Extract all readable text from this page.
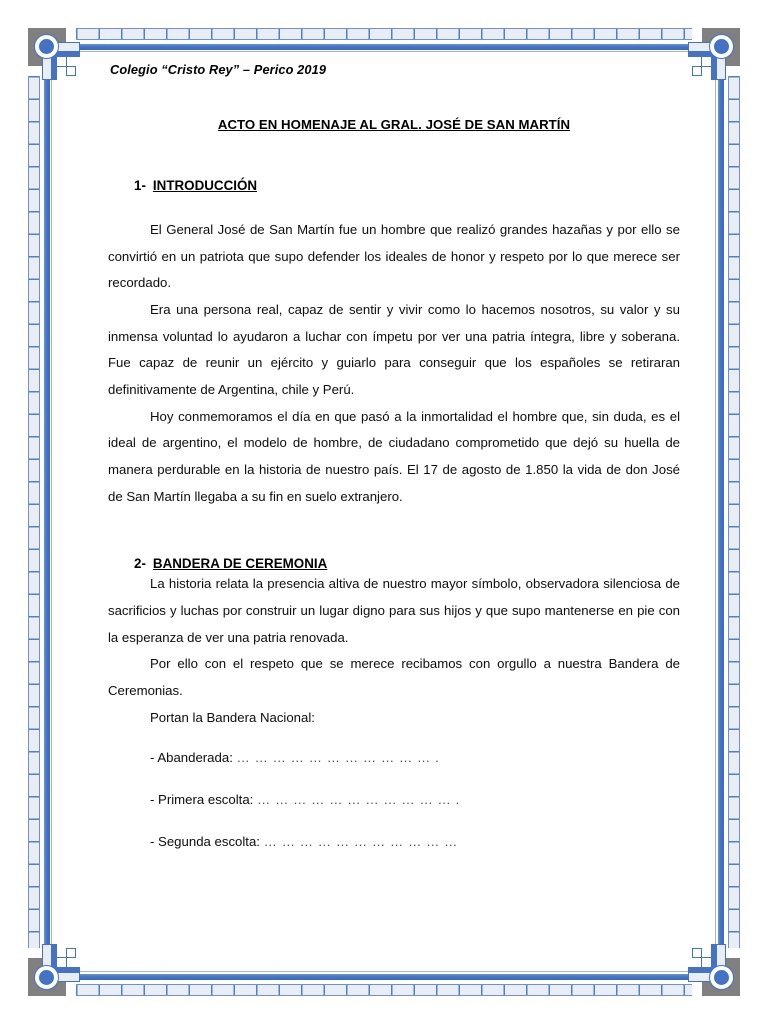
Colegio “Cristo Rey” – Perico 2019
ACTO EN HOMENAJE AL GRAL. JOSÉ DE SAN MARTÍN
1- INTRODUCCIÓN

El General José de San Martín fue un hombre que realizó grandes hazañas y por ello se convirtió en un patriota que supo defender los ideales de honor y respeto por lo que merece ser recordado.

Era una persona real, capaz de sentir y vivir como lo hacemos nosotros, su valor y su inmensa voluntad lo ayudaron a luchar con ímpetu por ver una patria íntegra, libre y soberana. Fue capaz de reunir un ejército y guiarlo para conseguir que los españoles se retiraran definitivamente de Argentina, chile y Perú.

Hoy conmemoramos el día en que pasó a la inmortalidad el hombre que, sin duda, es el ideal de argentino, el modelo de hombre, de ciudadano comprometido que dejó su huella de manera perdurable en la historia de nuestro país. El 17 de agosto de 1.850 la vida de don José de San Martín llegaba a su fin en suelo extranjero.

2- BANDERA DE CEREMONIA

La historia relata la presencia altiva de nuestro mayor símbolo, observadora silenciosa de sacrificios y luchas por construir un lugar digno para sus hijos y que supo mantenerse en pie con la esperanza de ver una patria renovada.

Por ello con el respeto que se merece recibamos con orgullo a nuestra Bandera de Ceremonias.

Portan la Bandera Nacional:

- Abanderada: … … … … … … … … … … … .
- Primera escolta: … … … … … … … … … … … .
- Segunda escolta: … … … … … … … … … … …
